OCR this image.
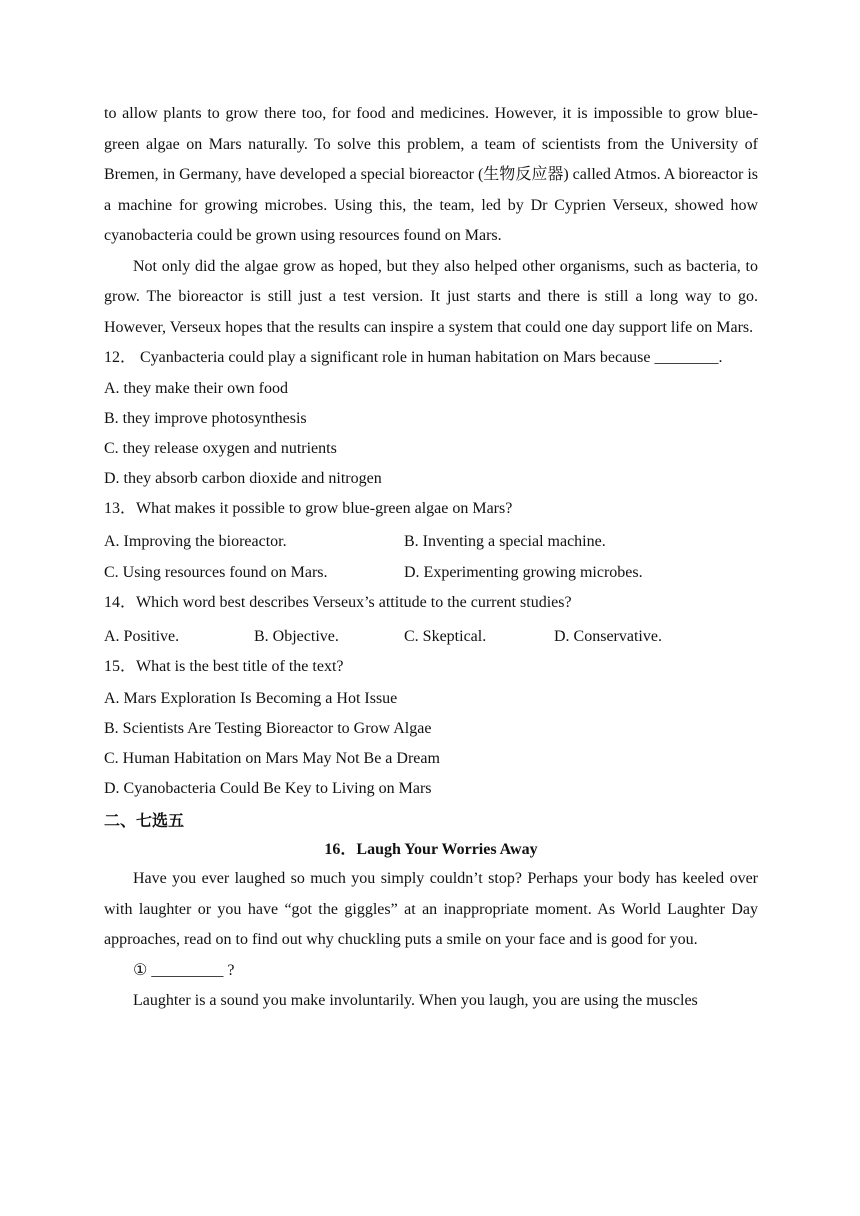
to allow plants to grow there too, for food and medicines. However, it is impossible to grow blue-green algae on Mars naturally. To solve this problem, a team of scientists from the University of Bremen, in Germany, have developed a special bioreactor (生物反应器) called Atmos. A bioreactor is a machine for growing microbes. Using this, the team, led by Dr Cyprien Verseux, showed how cyanobacteria could be grown using resources found on Mars.

Not only did the algae grow as hoped, but they also helped other organisms, such as bacteria, to grow. The bioreactor is still just a test version. It just starts and there is still a long way to go. However, Verseux hopes that the results can inspire a system that could one day support life on Mars.

12． Cyanbacteria could play a significant role in human habitation on Mars because ________.

A. they make their own food

B. they improve photosynthesis

C. they release oxygen and nutrients

D. they absorb carbon dioxide and nitrogen

13．What makes it possible to grow blue-green algae on Mars?

A. Improving the bioreactor.	B. Inventing a special machine.
C. Using resources found on Mars.	D. Experimenting growing microbes.

14．Which word best describes Verseux’s attitude to the current studies?

A. Positive.	B. Objective.	C. Skeptical.	D. Conservative.

15．What is the best title of the text?

A. Mars Exploration Is Becoming a Hot Issue

B. Scientists Are Testing Bioreactor to Grow Algae

C. Human Habitation on Mars May Not Be a Dream

D. Cyanobacteria Could Be Key to Living on Mars

二、七选五

16．Laugh Your Worries Away

Have you ever laughed so much you simply couldn’t stop? Perhaps your body has keeled over with laughter or you have “got the giggles” at an inappropriate moment. As World Laughter Day approaches, read on to find out why chuckling puts a smile on your face and is good for you.

① _________ ?

Laughter is a sound you make involuntarily. When you laugh, you are using the muscles
